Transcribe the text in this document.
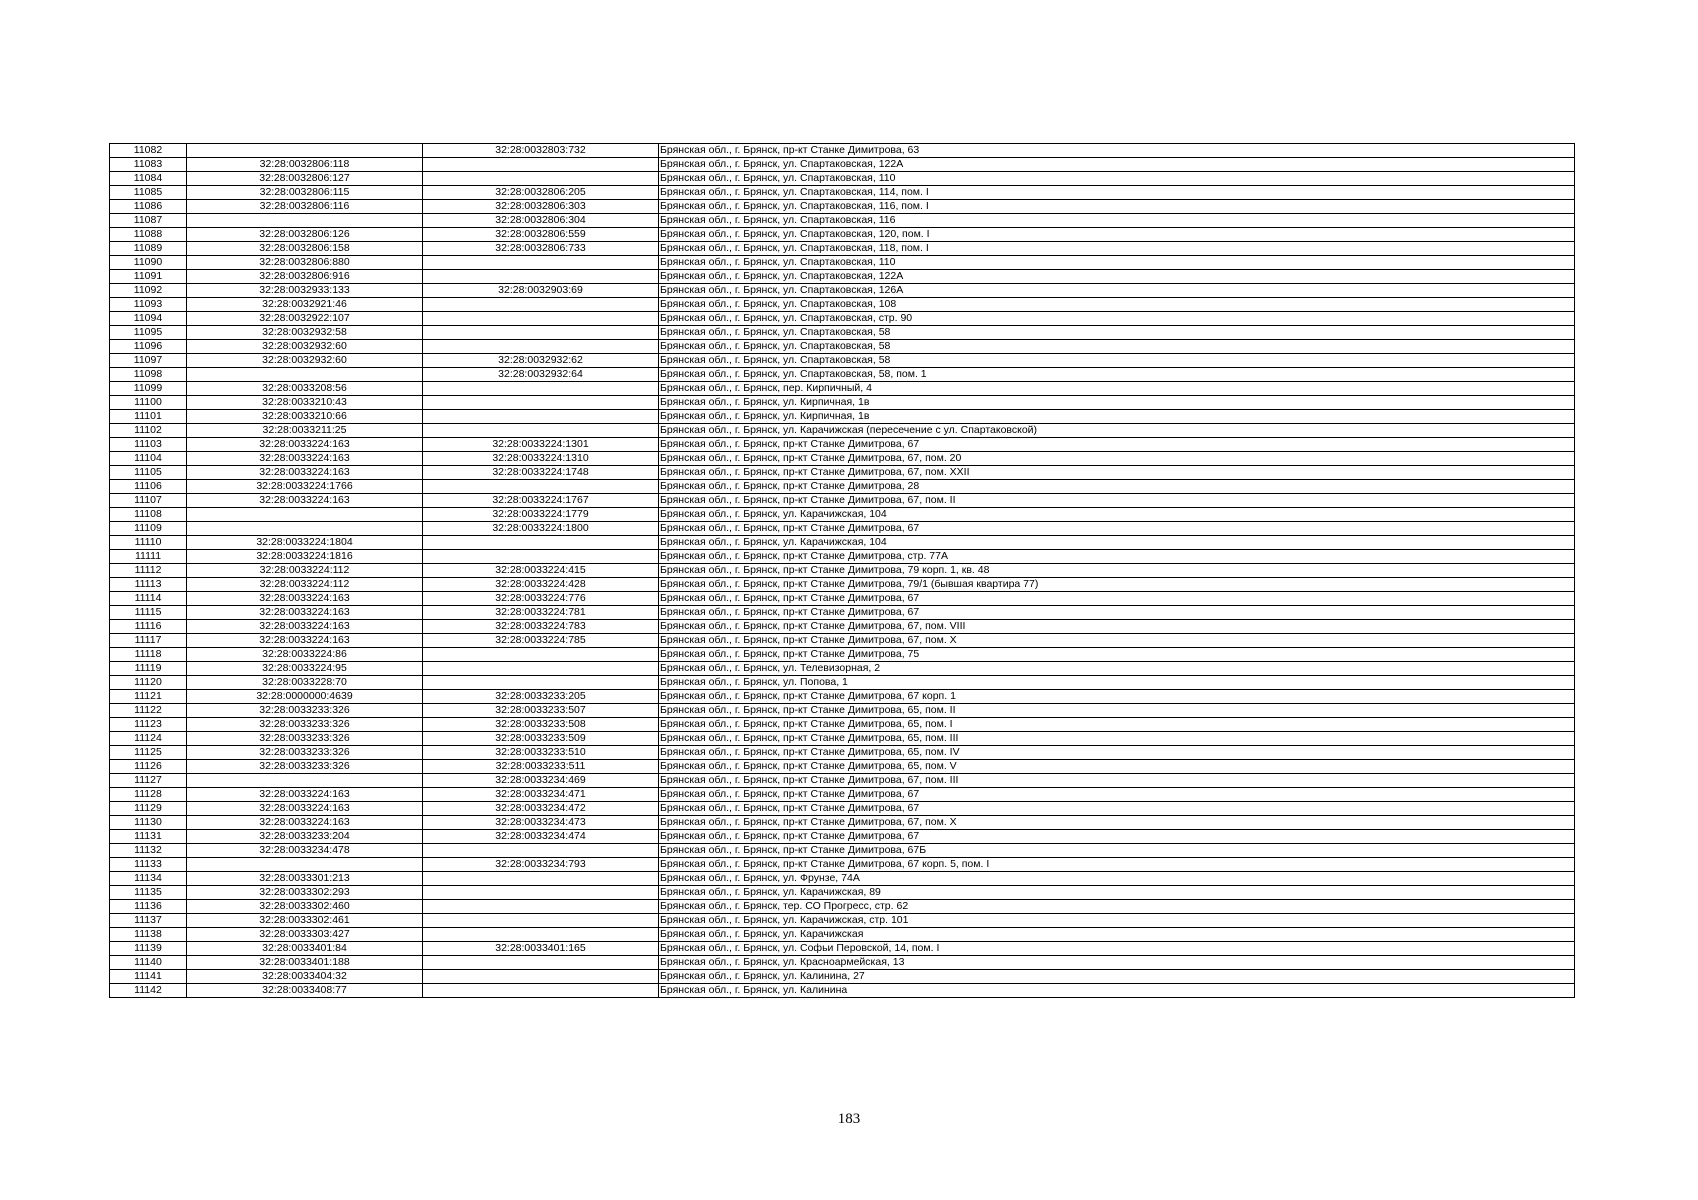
11082		32:28:0032803:732	Брянская обл., г. Брянск, пр-кт Станке Димитрова, 63
11083	32:28:0032806:118		Брянская обл., г. Брянск, ул. Спартаковская, 122А
11084	32:28:0032806:127		Брянская обл., г. Брянск, ул. Спартаковская, 110
11085	32:28:0032806:115	32:28:0032806:205	Брянская обл., г. Брянск, ул. Спартаковская, 114, пом. I
11086	32:28:0032806:116	32:28:0032806:303	Брянская обл., г. Брянск, ул. Спартаковская, 116, пом. I
11087		32:28:0032806:304	Брянская обл., г. Брянск, ул. Спартаковская, 116
11088	32:28:0032806:126	32:28:0032806:559	Брянская обл., г. Брянск, ул. Спартаковская, 120, пом. I
11089	32:28:0032806:158	32:28:0032806:733	Брянская обл., г. Брянск, ул. Спартаковская, 118, пом. I
11090	32:28:0032806:880		Брянская обл., г. Брянск, ул. Спартаковская, 110
11091	32:28:0032806:916		Брянская обл., г. Брянск, ул. Спартаковская, 122А
11092	32:28:0032933:133	32:28:0032903:69	Брянская обл., г. Брянск, ул. Спартаковская, 126А
11093	32:28:0032921:46		Брянская обл., г. Брянск, ул. Спартаковская, 108
11094	32:28:0032922:107		Брянская обл., г. Брянск, ул. Спартаковская, стр. 90
11095	32:28:0032932:58		Брянская обл., г. Брянск, ул. Спартаковская, 58
11096	32:28:0032932:60		Брянская обл., г. Брянск, ул. Спартаковская, 58
11097	32:28:0032932:60	32:28:0032932:62	Брянская обл., г. Брянск, ул. Спартаковская, 58
11098		32:28:0032932:64	Брянская обл., г. Брянск, ул. Спартаковская, 58, пом. 1
11099	32:28:0033208:56		Брянская обл., г. Брянск, пер. Кирпичный, 4
11100	32:28:0033210:43		Брянская обл., г. Брянск, ул. Кирпичная, 1в
11101	32:28:0033210:66		Брянская обл., г. Брянск, ул. Кирпичная, 1в
11102	32:28:0033211:25		Брянская обл., г. Брянск, ул. Карачижская (пересечение с ул. Спартаковской)
11103	32:28:0033224:163	32:28:0033224:1301	Брянская обл., г. Брянск, пр-кт Станке Димитрова, 67
11104	32:28:0033224:163	32:28:0033224:1310	Брянская обл., г. Брянск, пр-кт Станке Димитрова, 67, пом. 20
11105	32:28:0033224:163	32:28:0033224:1748	Брянская обл., г. Брянск, пр-кт Станке Димитрова, 67, пом. XXII
11106	32:28:0033224:1766		Брянская обл., г. Брянск, пр-кт Станке Димитрова, 28
11107	32:28:0033224:163	32:28:0033224:1767	Брянская обл., г. Брянск, пр-кт Станке Димитрова, 67, пом. II
11108		32:28:0033224:1779	Брянская обл., г. Брянск, ул. Карачижская, 104
11109		32:28:0033224:1800	Брянская обл., г. Брянск, пр-кт Станке Димитрова, 67
11110	32:28:0033224:1804		Брянская обл., г. Брянск, ул. Карачижская, 104
11111	32:28:0033224:1816		Брянская обл., г. Брянск, пр-кт Станке Димитрова, стр. 77А
11112	32:28:0033224:112	32:28:0033224:415	Брянская обл., г. Брянск, пр-кт Станке Димитрова, 79 корп. 1, кв. 48
11113	32:28:0033224:112	32:28:0033224:428	Брянская обл., г. Брянск, пр-кт Станке Димитрова, 79/1 (бывшая квартира 77)
11114	32:28:0033224:163	32:28:0033224:776	Брянская обл., г. Брянск, пр-кт Станке Димитрова, 67
11115	32:28:0033224:163	32:28:0033224:781	Брянская обл., г. Брянск, пр-кт Станке Димитрова, 67
11116	32:28:0033224:163	32:28:0033224:783	Брянская обл., г. Брянск, пр-кт Станке Димитрова, 67, пом. VIII
11117	32:28:0033224:163	32:28:0033224:785	Брянская обл., г. Брянск, пр-кт Станке Димитрова, 67, пом. X
11118	32:28:0033224:86		Брянская обл., г. Брянск, пр-кт Станке Димитрова, 75
11119	32:28:0033224:95		Брянская обл., г. Брянск, ул. Телевизорная, 2
11120	32:28:0033228:70		Брянская обл., г. Брянск, ул. Попова, 1
11121	32:28:0000000:4639	32:28:0033233:205	Брянская обл., г. Брянск, пр-кт Станке Димитрова, 67 корп. 1
11122	32:28:0033233:326	32:28:0033233:507	Брянская обл., г. Брянск, пр-кт Станке Димитрова, 65, пом. II
11123	32:28:0033233:326	32:28:0033233:508	Брянская обл., г. Брянск, пр-кт Станке Димитрова, 65, пом. I
11124	32:28:0033233:326	32:28:0033233:509	Брянская обл., г. Брянск, пр-кт Станке Димитрова, 65, пом. III
11125	32:28:0033233:326	32:28:0033233:510	Брянская обл., г. Брянск, пр-кт Станке Димитрова, 65, пом. IV
11126	32:28:0033233:326	32:28:0033233:511	Брянская обл., г. Брянск, пр-кт Станке Димитрова, 65, пом. V
11127		32:28:0033234:469	Брянская обл., г. Брянск, пр-кт Станке Димитрова, 67, пом. III
11128	32:28:0033224:163	32:28:0033234:471	Брянская обл., г. Брянск, пр-кт Станке Димитрова, 67
11129	32:28:0033224:163	32:28:0033234:472	Брянская обл., г. Брянск, пр-кт Станке Димитрова, 67
11130	32:28:0033224:163	32:28:0033234:473	Брянская обл., г. Брянск, пр-кт Станке Димитрова, 67, пом. X
11131	32:28:0033233:204	32:28:0033234:474	Брянская обл., г. Брянск, пр-кт Станке Димитрова, 67
11132	32:28:0033234:478		Брянская обл., г. Брянск, пр-кт Станке Димитрова, 67Б
11133		32:28:0033234:793	Брянская обл., г. Брянск, пр-кт Станке Димитрова, 67 корп. 5, пом. I
11134	32:28:0033301:213		Брянская обл., г. Брянск, ул. Фрунзе, 74А
11135	32:28:0033302:293		Брянская обл., г. Брянск, ул. Карачижская, 89
11136	32:28:0033302:460		Брянская обл., г. Брянск, тер. СО Прогресс, стр. 62
11137	32:28:0033302:461		Брянская обл., г. Брянск, ул. Карачижская, стр. 101
11138	32:28:0033303:427		Брянская обл., г. Брянск, ул. Карачижская
11139	32:28:0033401:84	32:28:0033401:165	Брянская обл., г. Брянск, ул. Софьи Перовской, 14, пом. I
11140	32:28:0033401:188		Брянская обл., г. Брянск, ул. Красноармейская, 13
11141	32:28:0033404:32		Брянская обл., г. Брянск, ул. Калинина, 27
11142	32:28:0033408:77		Брянская обл., г. Брянск, ул. Калинина
183
